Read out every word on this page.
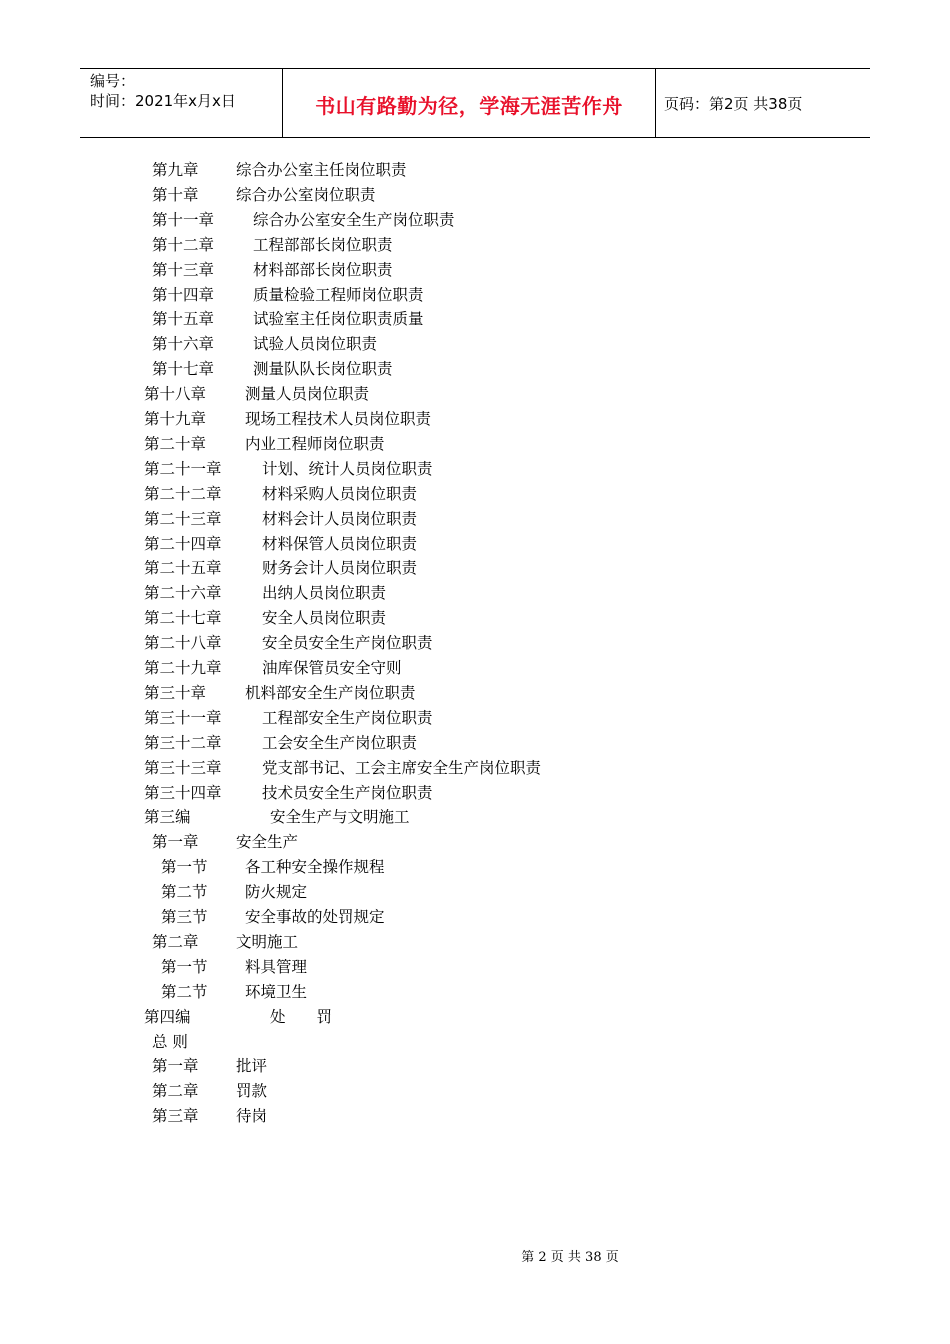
编号：
时间：2021年x月x日	书山有路勤为径，学海无涯苦作舟	页码：第2页 共38页
第九章 综合办公室主任岗位职责
第十章 综合办公室岗位职责
第十一章	综合办公室安全生产岗位职责
第十二章	工程部部长岗位职责
第十三章	材料部部长岗位职责
第十四章	质量检验工程师岗位职责
第十五章	试验室主任岗位职责质量
第十六章	试验人员岗位职责
第十七章	测量队队长岗位职责
第十八章	测量人员岗位职责
第十九章	现场工程技术人员岗位职责
第二十章	内业工程师岗位职责
第二十一章	计划、统计人员岗位职责
第二十二章	材料采购人员岗位职责
第二十三章	材料会计人员岗位职责
第二十四章	材料保管人员岗位职责
第二十五章	财务会计人员岗位职责
第二十六章	出纳人员岗位职责
第二十七章	安全人员岗位职责
第二十八章	安全员安全生产岗位职责
第二十九章	油库保管员安全守则
第三十章	机料部安全生产岗位职责
第三十一章	工程部安全生产岗位职责
第三十二章	工会安全生产岗位职责
第三十三章	党支部书记、工会主席安全生产岗位职责
第三十四章	技术员安全生产岗位职责
第三编	安全生产与文明施工
第一章 安全生产
第一节 各工种安全操作规程
第二节 防火规定
第三节 安全事故的处罚规定
第二章 文明施工
第一节 料具管理
第二节 环境卫生
第四编	处　　罚
总 则
第一章 批评
第二章 罚款
第三章 待岗
第 2 页 共 38 页
